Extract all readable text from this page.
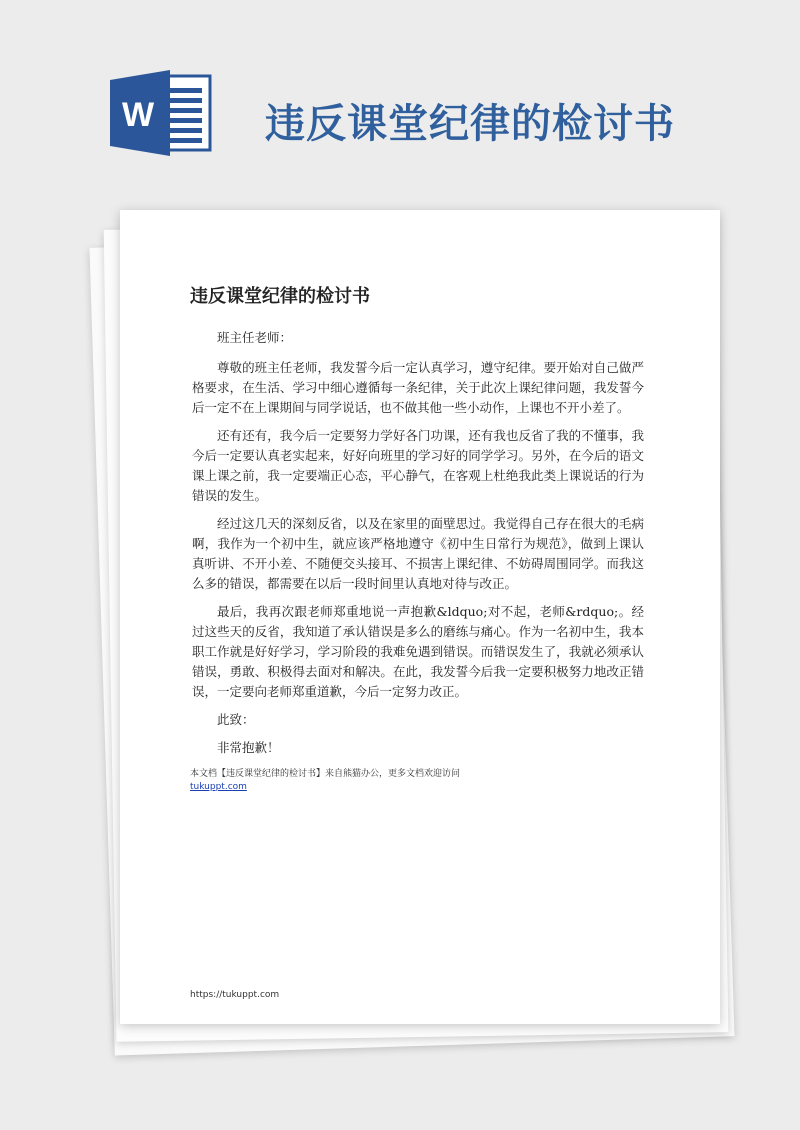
W	违反课堂纪律的检讨书
违反课堂纪律的检讨书

班主任老师：

尊敬的班主任老师，我发誓今后一定认真学习，遵守纪律。要开始对自己做严格要求，在生活、学习中细心遵循每一条纪律，关于此次上课纪律问题，我发誓今后一定不在上课期间与同学说话，也不做其他一些小动作，上课也不开小差了。

还有还有，我今后一定要努力学好各门功课，还有我也反省了我的不懂事，我今后一定要认真老实起来，好好向班里的学习好的同学学习。另外，在今后的语文课上课之前，我一定要端正心态，平心静气，在客观上杜绝我此类上课说话的行为错误的发生。

经过这几天的深刻反省，以及在家里的面壁思过。我觉得自己存在很大的毛病啊，我作为一个初中生，就应该严格地遵守《初中生日常行为规范》，做到上课认真听讲、不开小差、不随便交头接耳、不损害上课纪律、不妨碍周围同学。而我这么多的错误，都需要在以后一段时间里认真地对待与改正。

最后，我再次跟老师郑重地说一声抱歉&ldquo;对不起，老师&rdquo;。经过这些天的反省，我知道了承认错误是多么的磨练与痛心。作为一名初中生，我本职工作就是好好学习，学习阶段的我难免遇到错误。而错误发生了，我就必须承认错误，勇敢、积极得去面对和解决。在此，我发誓今后我一定要积极努力地改正错误，一定要向老师郑重道歉，今后一定努力改正。

此致：

非常抱歉！

本文档【违反课堂纪律的检讨书】来自熊猫办公，更多文档欢迎访问
tukuppt.com
https://tukuppt.com
